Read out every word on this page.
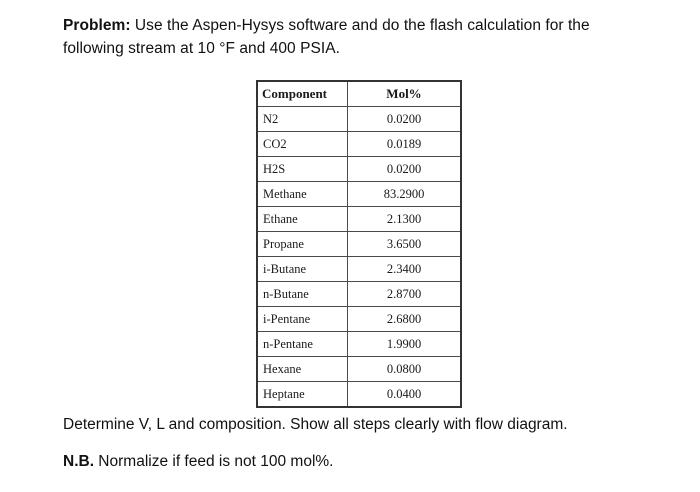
Problem: Use the Aspen-Hysys software and do the flash calculation for the
following stream at 10 °F and 400 PSIA.
Component	Mol%
N2	0.0200
CO2	0.0189
H2S	0.0200
Methane	83.2900
Ethane	2.1300
Propane	3.6500
i-Butane	2.3400
n-Butane	2.8700
i-Pentane	2.6800
n-Pentane	1.9900
Hexane	0.0800
Heptane	0.0400
Determine V, L and composition. Show all steps clearly with flow diagram.
N.B. Normalize if feed is not 100 mol%.
